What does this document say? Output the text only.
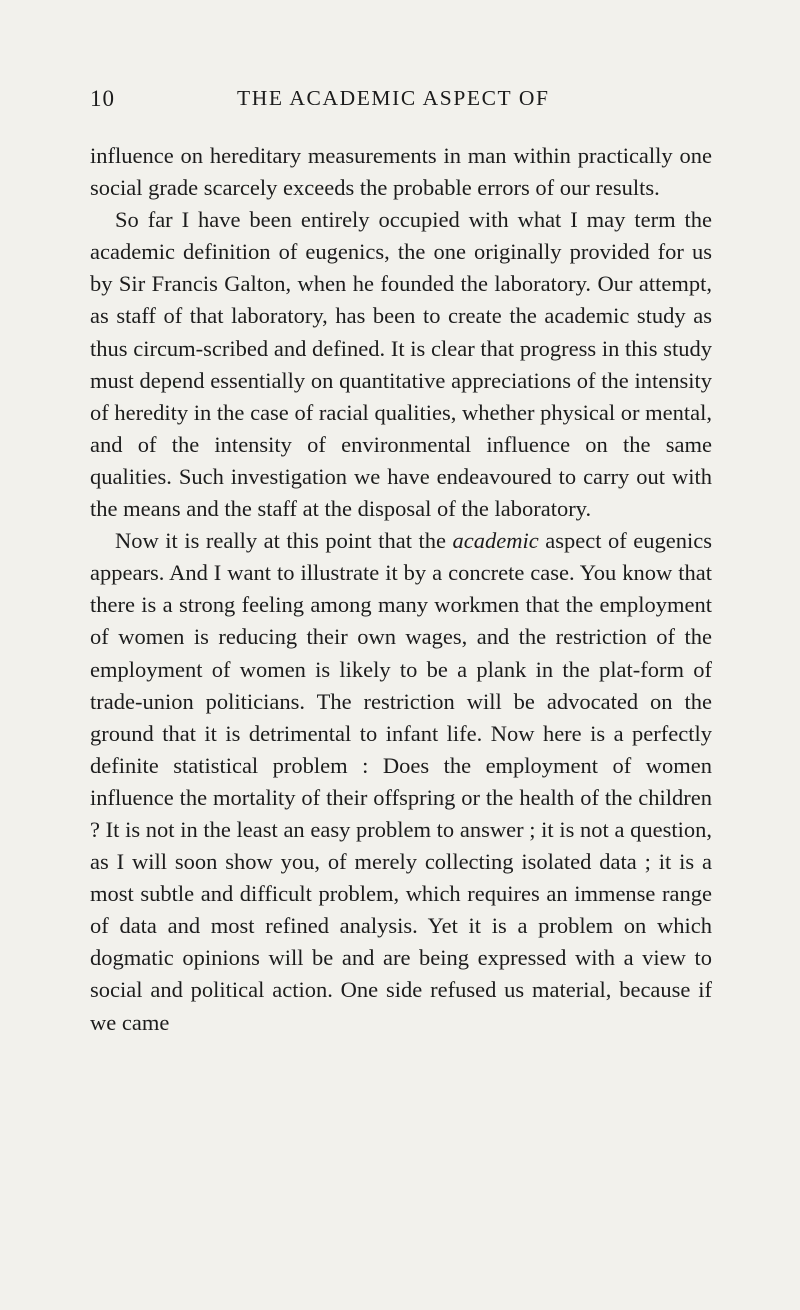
10	THE ACADEMIC ASPECT OF

influence on hereditary measurements in man within practically one social grade scarcely exceeds the probable errors of our results.

So far I have been entirely occupied with what I may term the academic definition of eugenics, the one originally provided for us by Sir Francis Galton, when he founded the laboratory. Our attempt, as staff of that laboratory, has been to create the academic study as thus circum-scribed and defined. It is clear that progress in this study must depend essentially on quantitative appreciations of the intensity of heredity in the case of racial qualities, whether physical or mental, and of the intensity of environmental influence on the same qualities. Such investigation we have endeavoured to carry out with the means and the staff at the disposal of the laboratory.

Now it is really at this point that the academic aspect of eugenics appears. And I want to illustrate it by a concrete case. You know that there is a strong feeling among many workmen that the employment of women is reducing their own wages, and the restriction of the employment of women is likely to be a plank in the plat-form of trade-union politicians. The restriction will be advocated on the ground that it is detrimental to infant life. Now here is a perfectly definite statistical problem : Does the employment of women influence the mortality of their offspring or the health of the children ? It is not in the least an easy problem to answer ; it is not a question, as I will soon show you, of merely collecting isolated data ; it is a most subtle and difficult problem, which requires an immense range of data and most refined analysis. Yet it is a problem on which dogmatic opinions will be and are being expressed with a view to social and political action. One side refused us material, because if we came
